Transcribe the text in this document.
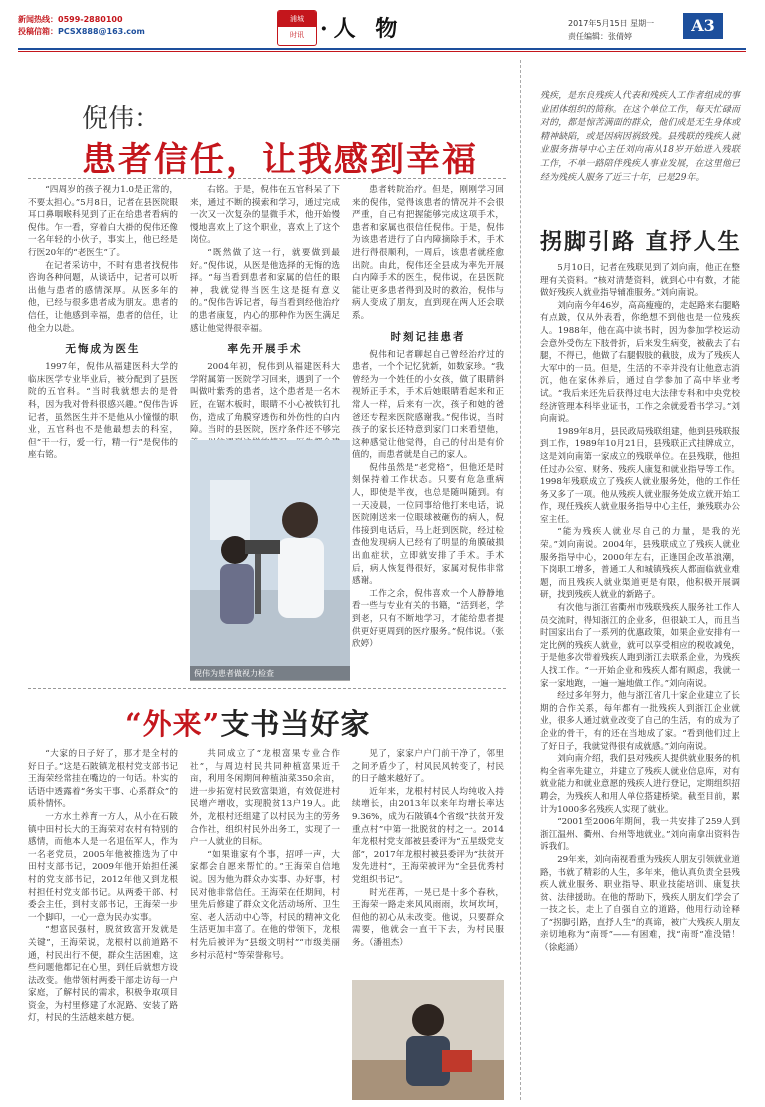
新闻热线：0599-2880100
投稿信箱：PCSX888@163.com
浦城
时讯 ·人 物	2017年5月15日 星期一
责任编辑：张倩婷
A3
倪伟：
患者信任，让我感到幸福

“四周岁的孩子视力1.0是正常的，不要太担心。”5月8日，记者在县医院眼耳口鼻咽喉科见到了正在给患者看病的倪伟。乍一看，穿着白大褂的倪伟还像一名年轻的小伙子，事实上，他已经是行医20年的“老医生”了。

在记者采访中，不时有患者找倪伟咨询各种问题，从谈话中，记者可以听出他与患者的感情深厚。从医多年的他，已经与很多患者成为朋友。患者的信任，让他感到幸福，患者的信任，让他全力以赴。

无悔成为医生

1997年，倪伟从福建医科大学的临床医学专业毕业后，被分配到了县医院的五官科。“当时我就想去的是骨科，因为我对骨科很感兴趣。”倪伟告诉记者，虽然医生并不是他从小憧憬的职业，五官科也不是他最想去的科室，但“干一行，爱一行，精一行”是倪伟的座右铭。

右铭。于是，倪伟在五官科呆了下来，通过不断的摸索和学习，通过完成一次又一次复杂的显微手术，他开始慢慢地喜欢上了这个职业，喜欢上了这个岗位。

“既然做了这一行，就要做到最好。”倪伟说，从医是他选择的无悔的选择。“每当看到患者和家属的信任的眼神，我就觉得当医生这是挺有意义的。”倪伟告诉记者，每当看到经他治疗的患者康复，内心的那种作为医生满足感让他觉得很幸福。

率先开展手术

2004年初，倪伟到从福建医科大学附属第一医院学习回来，遇到了一个叫做叶紫秀的患者，这个患者是一名木匠，在锯木板时，眼睛不小心被铁钉扎伤，造成了角膜穿透伤和外伤性的白内障。当时的县医院，医疗条件还不够完

患者转院治疗。但是，刚刚学习回来的倪伟，觉得该患者的情况并不会很严重，自己有把握能够完成这项手术，患者和家属也很信任倪伟。于是，倪伟为该患者进行了白内障摘除手术，手术进行得很顺利，一周后，该患者就痊愈出院。由此，倪伟还全县成为率先开展白内障手术的医生，倪伟说，在县医院能让更多患者得到及时的救治，倪伟与病人变成了朋友，直到现在两人还会联系。

时刻记挂患者

倪伟和记者聊起自己曾经治疗过的患者，一个个记忆犹新，如数家珍。“我曾经为一个姓任的小女孩，做了眼睛斜视矫正手术，手术后她眼睛看起来和正常人一样，后来有一次，孩子和她的爸爸还专程来医院感谢我。”倪伟说，当时孩子的家长还特意到家门口来看望他，这种感觉让他觉得，自己的付出是有价值的，而患者就是自己的家人。

倪伟虽然是“老党格”，但他还是时刻保持着工作状态。只要有危急重病人，即使是半夜，也总是随叫随到。有一天凌晨，一位同事给他打来电话，说医院刚送来一位眼球被砸伤的病人，倪伟接到电话后，马上赶到医院，经过检查他发现病人已经有了明显的角膜破损出血症状，立即就安排了手术。手术后，病人恢复得很好，家属对倪伟非常感谢。

工作之余，倪伟喜欢一个人静静地看一些与专业有关的书籍，“活到老，学到老，只有不断地学习，才能给患者提供更好更周到的医疗服务。”倪伟说。（张欣婷）

倪伟为患者做视力检查
“外来”支书当好家

“大家的日子好了，那才是全村的好日子。”这是石陂镇龙根村党支部书记王海荣经常挂在嘴边的一句话。朴实的话语中透露着“务实干事、心系群众”的质朴情怀。

一方水土养育一方人，从小在石陂镇中田村长大的王海荣对农村有特别的感情，而他本人是一名退伍军人，作为一名老党员，2005年他被推选为了中田村支部书记，2009年他开始担任溪村的党支部书记，2012年他又到龙根村担任村党支部书记。从两委干部、村委会主任，到村支部书记，王海荣一步一个脚印，一心一意为民办实事。

“想富民强村，脱贫致富开发就是关键”，王海荣说，龙根村以前道路不通，村民出行不便，群众生活困难，这些问题他都记在心里，到任后就想方设法改变。他带领村两委干部走访每一户家庭，了解村民的需求，积极争取项目资金，为村里修建了水泥路、安装了路灯，村民的生活越来越方便。

共同成立了“龙根富果专业合作社”，与周边村民共同种植富果近千亩，利用冬闲期间种植油菜350余亩，进一步拓宽村民致富渠道，有效促进村民增产增收，实现脱贫13户19人。此外，龙根村还组建了以村民为主的劳务合作社，组织村民外出务工，实现了一户一人就业的目标。

“如果谁家有个事，招呼一声，大家都会自愿来帮忙的。”王海荣自信地说。因为他为群众办实事、办好事，村民对他非常信任。王海荣在任期间，村里先后修建了群众文化活动场所、卫生室、老人活动中心等，村民的精神文化生活更加丰富了。在他的带领下，龙根村先后被评为“县级文明村”“市级美丽乡村示范村”等荣誉称号。

见了，家家户户门前干净了，邻里之间矛盾少了，村风民风转变了，村民的日子越来越好了。

近年来，龙根村村民人均纯收入持续增长，由2013年以来年均增长率达9.36%，成为石陂镇4个省级“扶贫开发重点村”中第一批脱贫的村之一。2014年龙根村党支部被县委评为“五星级党支部”，2017年龙根村被县委评为“扶贫开发先进村”，王海荣被评为“全县优秀村党组织书记”。

时光荏苒，一晃已是十多个春秋，王海荣一路走来风风雨雨，坎坷坎坷，但他的初心从未改变。他说，只要群众需要，他就会一直干下去，为村民服务。（潘祖杰）

残疾，是东良残疾人代表和残疾人工作者组成的事业团体组织的简称。在这个单位工作，每天忙碌而对的，都是惊苦满面的群众，他们成是无生身体或精神缺陷，或是因病因祸致残。县残联的残疾人就业服务指导中心主任刘向南从18岁开始进入残联工作，不单一路陪伴残疾人事业发展，在这里他已经为残疾人服务了近三十年，已是29年。
拐脚引路 直抒人生

5月10日，记者在残联见到了刘向南，他正在整理有关资料。“核对清楚资料，就到心中有数，才能做好残疾人就业指导辅准服务。”刘向南说。

刘向南今年46岁，高高瘦瘦的，走起路来右腿略有点跛，仅从外表看，你绝想不到他也是一位残疾人。1988年，他在高中读书时，因为参加学校运动会意外受伤左下肢骨折，后来发生病变，被截去了右腿，不得已，他做了右腿假肢的截肢，成为了残疾人大军中的一员。但是，生活的不幸并没有让他意志消沉，他在家休养后，通过自学参加了高中毕业考试。“我后来还先后获得过电大法律专科和中央党校经济管理本科毕业证书，工作之余就爱看书学习。”刘向南说。

1989年8月，县民政局残联组建，他到县残联报到工作，1989年10月21日，县残联正式挂牌成立，这是刘向南第一家成立的残联单位。在县残联，他担任过办公室、财务、残疾人康复和就业指导等工作。1998年残联成立了残疾人就业服务处，他的工作任务又多了一项。他从残疾人就业服务处成立就开始工作，现任残疾人就业服务指导中心主任，兼残联办公室主任。

“能为残疾人就业尽自己的力量，是我的光荣。”刘向南说。2004年，县残联成立了残疾人就业服务指导中心，2000年左右，正逢国企改革浪潮，下岗职工增多，普通工人和城镇残疾人都面临就业难题，而且残疾人就业渠道更是有限，他积极开展调研，找到残疾人就业的新路子。

有次他与浙江省衢州市残联残疾人服务社工作人员交流时，得知浙江的企业多，但很缺工人，而且当时国家出台了一系列的优惠政策，如果企业安排有一定比例的残疾人就业，就可以享受相应的税收减免，于是他多次带着残疾人跑到浙江去联系企业，为残疾人找工作。“一开始企业和残疾人都有顾虑，我就一家一家地跑，一遍一遍地做工作。”刘向南说。

经过多年努力，他与浙江省几十家企业建立了长期的合作关系，每年都有一批残疾人到浙江企业就业，很多人通过就业改变了自己的生活，有的成为了企业的骨干，有的还在当地成了家。“看到他们过上了好日子，我就觉得很有成就感。”刘向南说。

刘向南介绍，我们县对残疾人提供就业服务的机构全省率先建立，并建立了残疾人就业信息库，对有就业能力和就业意愿的残疾人进行登记，定期组织招聘会，为残疾人和用人单位搭建桥梁。截至目前，累计为1000多名残疾人实现了就业。

“2001至2006年期间，我一共安排了259人到浙江温州、衢州、台州等地就业。”刘向南拿出资料告诉我们。

29年来，刘向南视看重为残疾人朋友引领就业道路，书就了精彩的人生，多年来，他认真负责全县残疾人就业服务、职业指导、职业技能培训、康复扶贫、法律援助。在他的帮助下，残疾人朋友们学会了一技之长，走上了自强自立的道路，他用行动诠释了“拐脚引路，直抒人生”的真谛，被广大残疾人朋友亲切地称为“南哥”——有困难，找“南哥”准没错！（徐彪涌）
